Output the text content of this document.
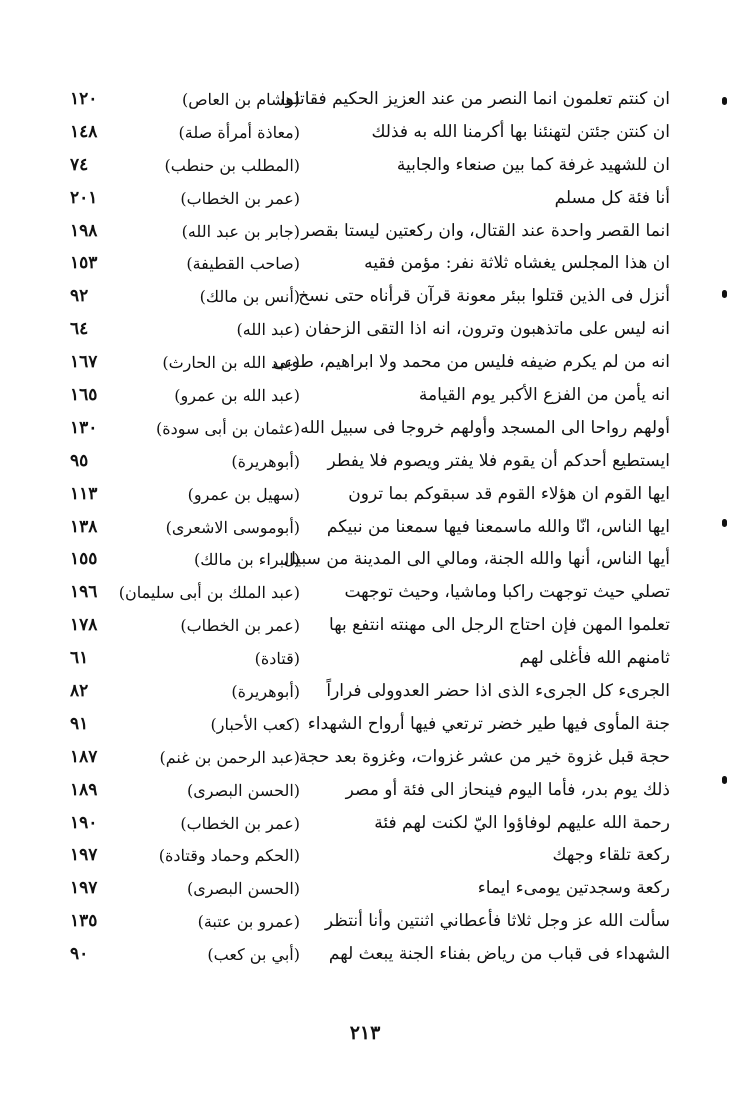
ان كنتم تعلمون انما النصر من عند العزيز الحكيم فقاتلوا
(هشام بن العاص)
١٢٠
ان كنتن جئتن لتهنئنا بها أكرمنا الله به فذلك
(معاذة أمرأة صلة)
١٤٨
ان للشهيد غرفة كما بين صنعاء والجابية
(المطلب بن حنطب)
٧٤
أنا فئة كل مسلم
(عمر بن الخطاب)
٢٠١
انما القصر واحدة عند القتال، وان ركعتين ليستا بقصر
(جابر بن عبد الله)
١٩٨
ان هذا المجلس يغشاه ثلاثة نفر: مؤمن فقيه
(صاحب القطيفة)
١٥٣
أنزل فى الذين قتلوا ببئر معونة قرآن قرأناه حتى نسخ
(أنس بن مالك)
٩٢
انه ليس على ماتذهبون وترون، انه اذا التقى الزحفان
(عبد الله)
٦٤
انه من لم يكرم ضيفه فليس من محمد ولا ابراهيم، طوبى
(عبد الله بن الحارث)
١٦٧
انه يأمن من الفزع الأكبر يوم القيامة
(عبد الله بن عمرو)
١٦٥
أولهم رواحا الى المسجد وأولهم خروجا فى سبيل الله
(عثمان بن أبى سودة)
١٣٠
ايستطيع أحدكم أن يقوم فلا يفتر ويصوم فلا يفطر
(أبوهريرة)
٩٥
ايها القوم ان هؤلاء القوم قد سبقوكم بما ترون
(سهيل بن عمرو)
١١٣
ايها الناس، انّا والله ماسمعنا فيها سمعنا من نبيكم
(أبوموسى الاشعرى)
١٣٨
أيها الناس، أنها والله الجنة، ومالي الى المدينة من سبيل
(البراء بن مالك)
١٥٥
تصلي حيث توجهت راكبا وماشيا، وحيث توجهت
(عبد الملك بن أبى سليمان)
١٩٦
تعلموا المهن فإن احتاج الرجل الى مهنته انتفع بها
(عمر بن الخطاب)
١٧٨
ثامنهم الله فأغلى لهم
(قتادة)
٦١
الجرىء كل الجرىء الذى اذا حضر العدوولى فراراً
(أبوهريرة)
٨٢
جنة المأوى فيها طير خضر ترتعي فيها أرواح الشهداء
(كعب الأحبار)
٩١
حجة قبل غزوة خير من عشر غزوات، وغزوة بعد حجة
(عبد الرحمن بن غنم)
١٨٧
ذلك يوم بدر، فأما اليوم فينحاز الى فئة أو مصر
(الحسن البصرى)
١٨٩
رحمة الله عليهم لوفاؤوا اليّ لكنت لهم فئة
(عمر بن الخطاب)
١٩٠
ركعة تلقاء وجهك
(الحكم وحماد وقتادة)
١٩٧
ركعة وسجدتين يومىء ايماء
(الحسن البصرى)
١٩٧
سألت الله عز وجل ثلاثا فأعطاني اثنتين وأنا أنتظر
(عمرو بن عتبة)
١٣٥
الشهداء فى قباب من رياض بفناء الجنة يبعث لهم
(أبي بن كعب)
٩٠
٢١٣
